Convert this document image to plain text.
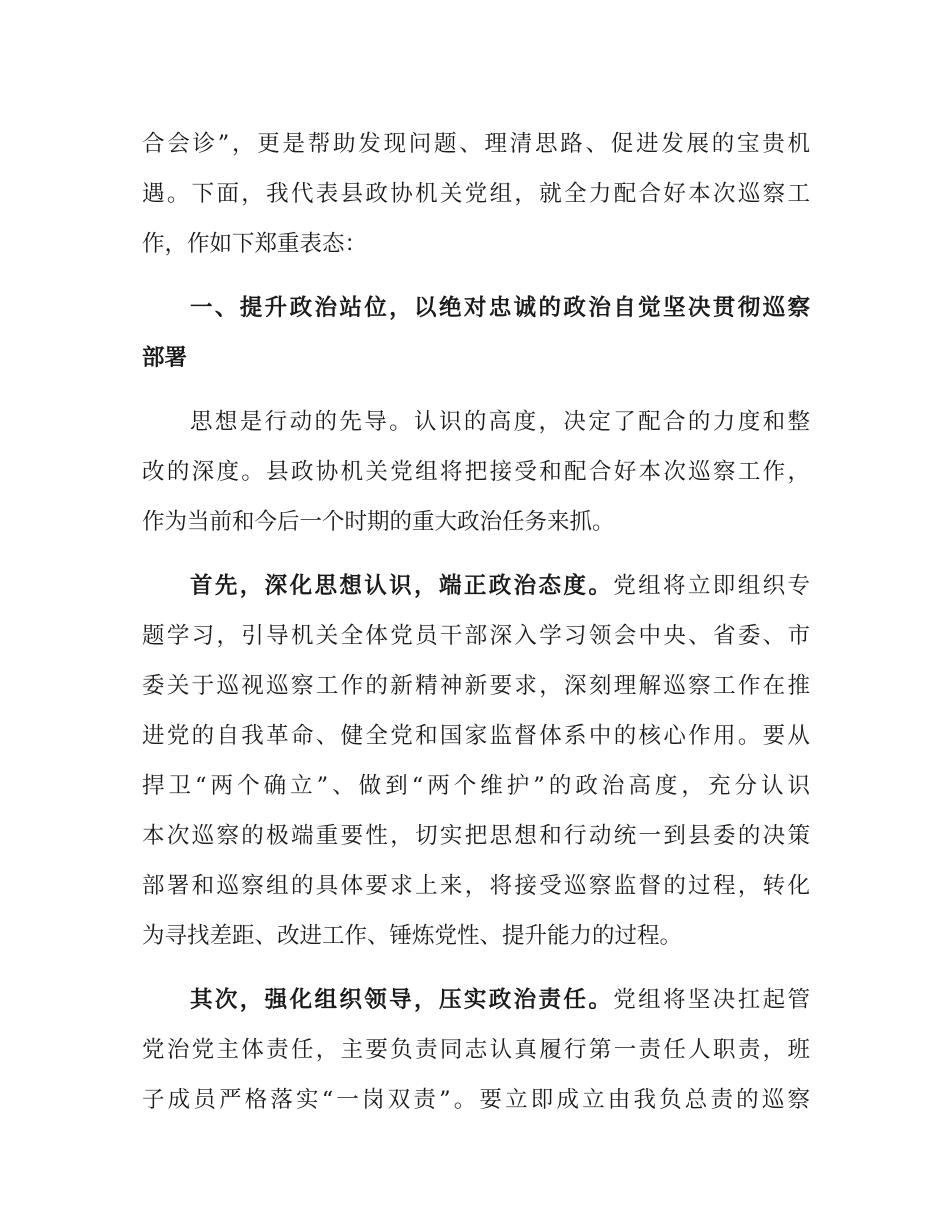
合会诊”，更是帮助发现问题、理清思路、促进发展的宝贵机
遇。下面，我代表县政协机关党组，就全力配合好本次巡察工
作，作如下郑重表态：
一、提升政治站位，以绝对忠诚的政治自觉坚决贯彻巡察
部署
思想是行动的先导。认识的高度，决定了配合的力度和整
改的深度。县政协机关党组将把接受和配合好本次巡察工作，
作为当前和今后一个时期的重大政治任务来抓。
首先，深化思想认识，端正政治态度。党组将立即组织专
题学习，引导机关全体党员干部深入学习领会中央、省委、市
委关于巡视巡察工作的新精神新要求，深刻理解巡察工作在推
进党的自我革命、健全党和国家监督体系中的核心作用。要从
捍卫“两个确立”、做到“两个维护”的政治高度，充分认识
本次巡察的极端重要性，切实把思想和行动统一到县委的决策
部署和巡察组的具体要求上来，将接受巡察监督的过程，转化
为寻找差距、改进工作、锤炼党性、提升能力的过程。
其次，强化组织领导，压实政治责任。党组将坚决扛起管
党治党主体责任，主要负责同志认真履行第一责任人职责，班
子成员严格落实“一岗双责”。要立即成立由我负总责的巡察
